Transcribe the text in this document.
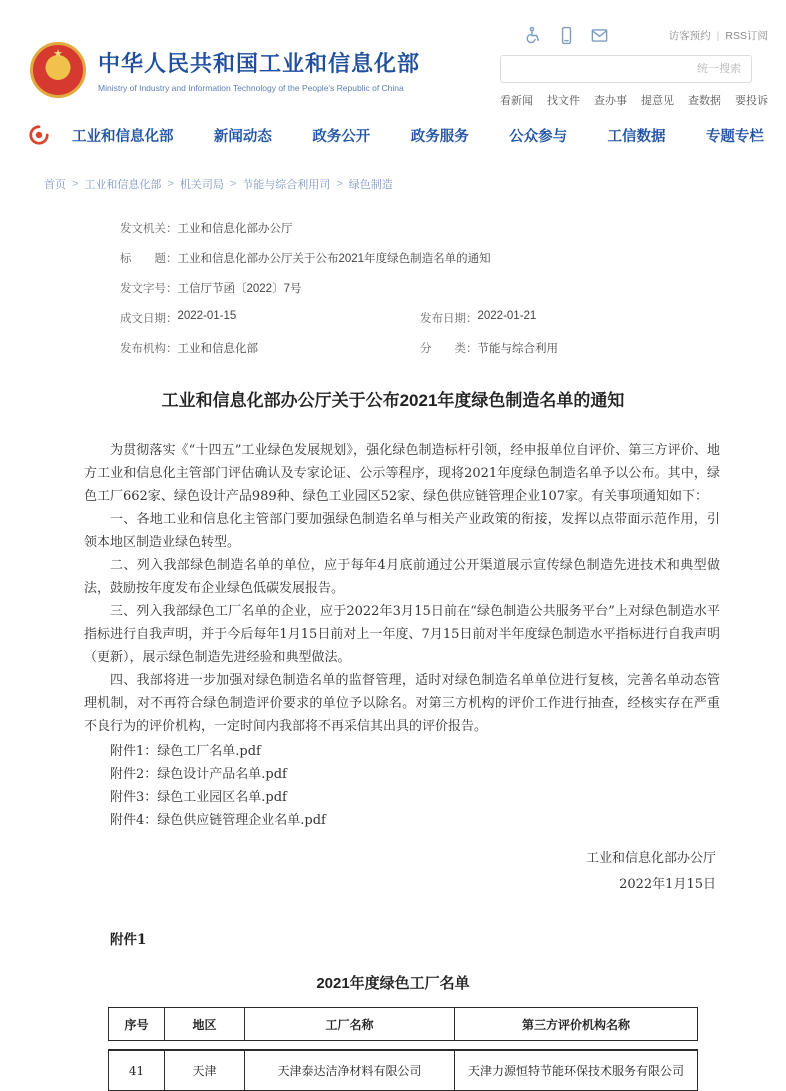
★
中华人民共和国工业和信息化部
Ministry of Industry and Information Technology of the People's Republic of China
访客预约 | RSS订阅
统一搜索
看新闻 找文件 查办事 提意见 查数据 要投诉
工业和信息化部	新闻动态	政务公开	政务服务	公众参与	工信数据	专题专栏
首页 > 工业和信息化部 > 机关司局 > 节能与综合利用司 > 绿色制造
发文机关： 工业和信息化部办公厅
标　　题： 工业和信息化部办公厅关于公布2021年度绿色制造名单的通知
发文字号： 工信厅节函〔2022〕7号
成文日期： 2022-01-15	发布日期： 2022-01-21
发布机构： 工业和信息化部	分　　类： 节能与综合利用
工业和信息化部办公厅关于公布2021年度绿色制造名单的通知

为贯彻落实《“十四五”工业绿色发展规划》，强化绿色制造标杆引领，经申报单位自评价、第三方评价、地方工业和信息化主管部门评估确认及专家论证、公示等程序，现将2021年度绿色制造名单予以公布。其中，绿色工厂662家、绿色设计产品989种、绿色工业园区52家、绿色供应链管理企业107家。有关事项通知如下：

一、各地工业和信息化主管部门要加强绿色制造名单与相关产业政策的衔接，发挥以点带面示范作用，引领本地区制造业绿色转型。

二、列入我部绿色制造名单的单位，应于每年4月底前通过公开渠道展示宣传绿色制造先进技术和典型做法，鼓励按年度发布企业绿色低碳发展报告。

三、列入我部绿色工厂名单的企业，应于2022年3月15日前在“绿色制造公共服务平台”上对绿色制造水平指标进行自我声明，并于今后每年1月15日前对上一年度、7月15日前对半年度绿色制造水平指标进行自我声明（更新），展示绿色制造先进经验和典型做法。

四、我部将进一步加强对绿色制造名单的监督管理，适时对绿色制造名单单位进行复核，完善名单动态管理机制，对不再符合绿色制造评价要求的单位予以除名。对第三方机构的评价工作进行抽查，经核实存在严重不良行为的评价机构，一定时间内我部将不再采信其出具的评价报告。

附件1：绿色工厂名单.pdf
附件2：绿色设计产品名单.pdf
附件3：绿色工业园区名单.pdf
附件4：绿色供应链管理企业名单.pdf
工业和信息化部办公厅
2022年1月15日
附件1
2021年度绿色工厂名单
序号	地区	工厂名称	第三方评价机构名称
41	天津	天津泰达洁净材料有限公司	天津力源恒特节能环保技术服务有限公司
